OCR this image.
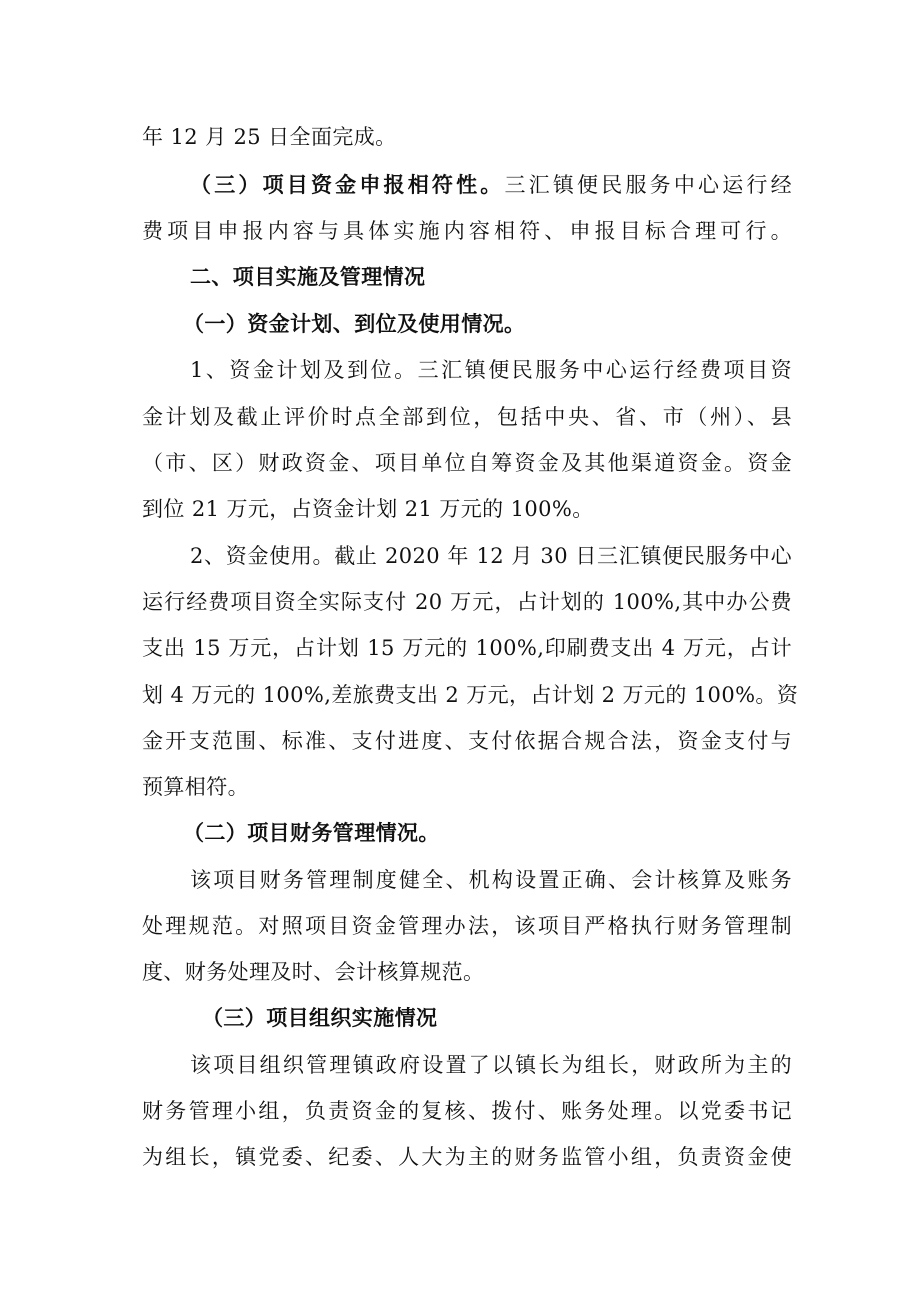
年 12 月 25 日全面完成。
（三）项目资金申报相符性。三汇镇便民服务中心运行经
费项目申报内容与具体实施内容相符、申报目标合理可行。
二、项目实施及管理情况
（一）资金计划、到位及使用情况。
1、资金计划及到位。三汇镇便民服务中心运行经费项目资
金计划及截止评价时点全部到位，包括中央、省、市（州）、县
（市、区）财政资金、项目单位自筹资金及其他渠道资金。资金
到位 21 万元，占资金计划 21 万元的 100%。
2、资金使用。截止 2020 年 12 月 30 日三汇镇便民服务中心
运行经费项目资全实际支付 20 万元，占计划的 100%,其中办公费
支出 15 万元，占计划 15 万元的 100%,印刷费支出 4 万元，占计
划 4 万元的 100%,差旅费支出 2 万元，占计划 2 万元的 100%。资
金开支范围、标准、支付进度、支付依据合规合法，资金支付与
预算相符。
（二）项目财务管理情况。
该项目财务管理制度健全、机构设置正确、会计核算及账务
处理规范。对照项目资金管理办法，该项目严格执行财务管理制
度、财务处理及时、会计核算规范。
（三）项目组织实施情况
该项目组织管理镇政府设置了以镇长为组长，财政所为主的
财务管理小组，负责资金的复核、拨付、账务处理。以党委书记
为组长，镇党委、纪委、人大为主的财务监管小组，负责资金使
